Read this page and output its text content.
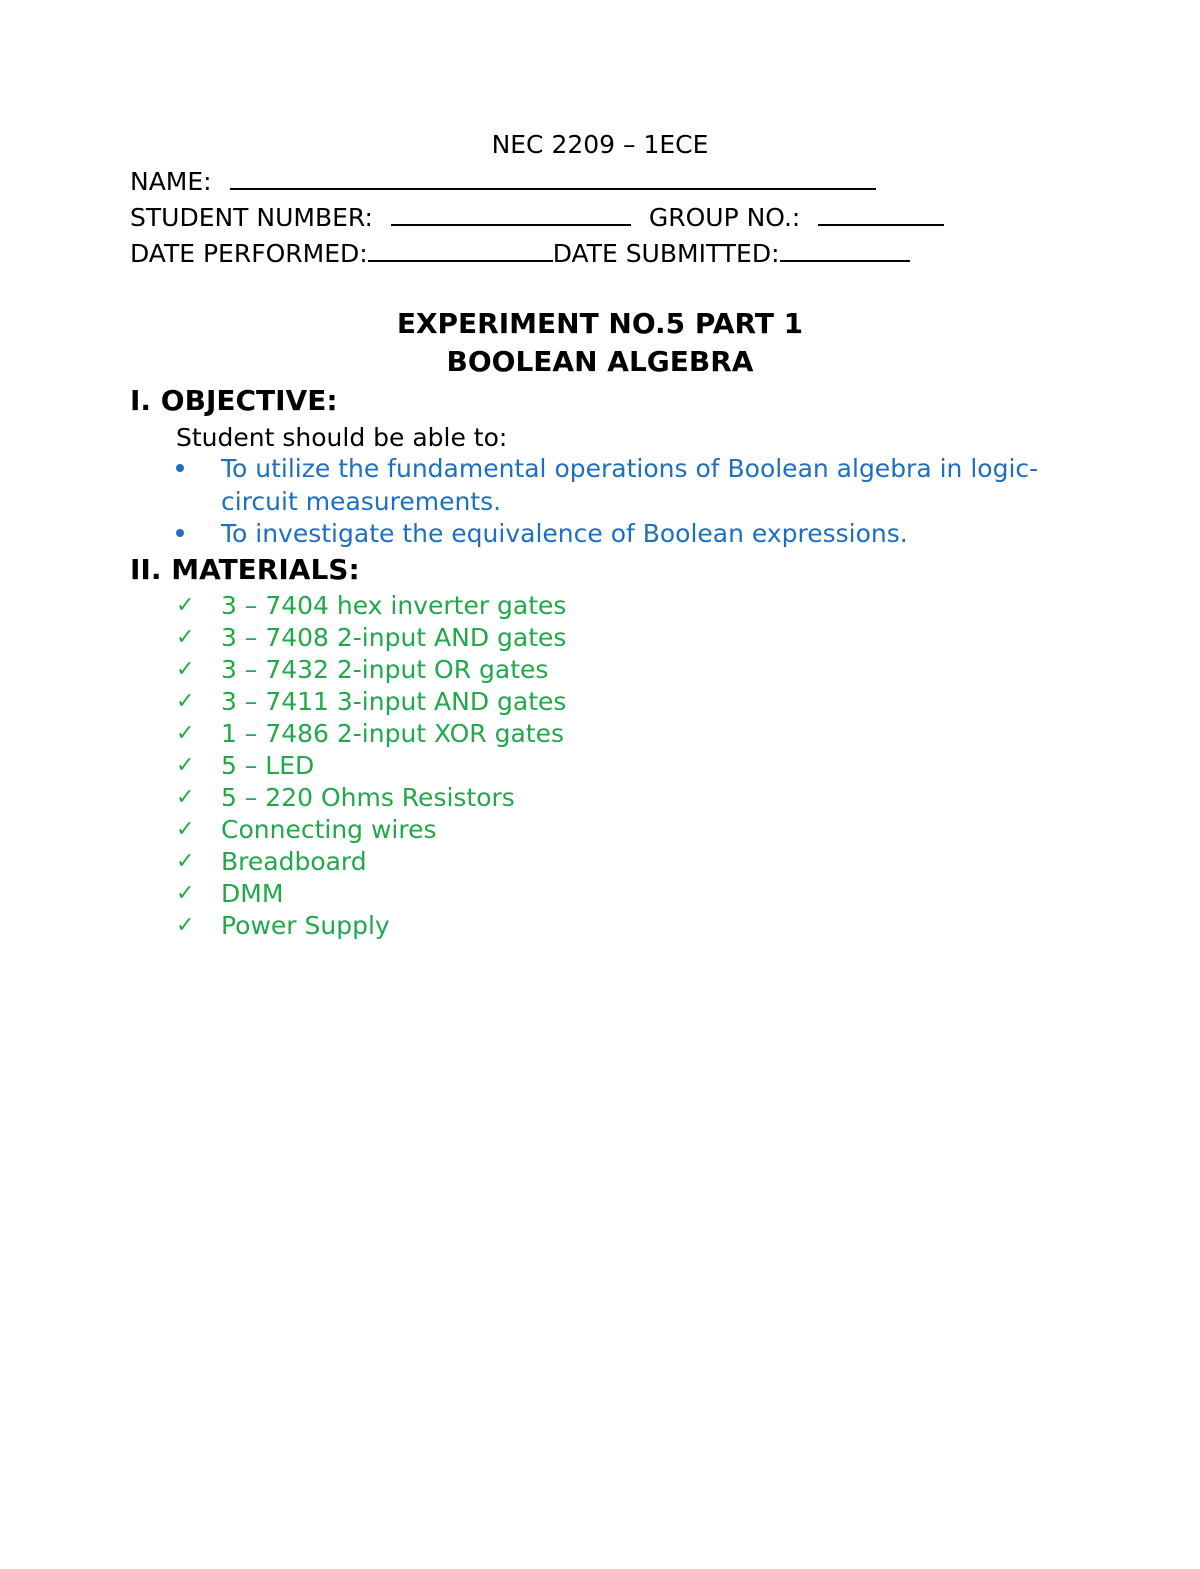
NEC 2209 – 1ECE
NAME:
STUDENT NUMBER:	GROUP NO.:
DATE PERFORMED:	DATE SUBMITTED:
EXPERIMENT NO.5 PART 1
BOOLEAN ALGEBRA
I. OBJECTIVE:
Student should be able to:
To utilize the fundamental operations of Boolean algebra in logic-
circuit measurements.
To investigate the equivalence of Boolean expressions.
II. MATERIALS:
✓ 3 – 7404 hex inverter gates
✓ 3 – 7408 2-input AND gates
✓ 3 – 7432 2-input OR gates
✓ 3 – 7411 3-input AND gates
✓ 1 – 7486 2-input XOR gates
✓ 5 – LED
✓ 5 – 220 Ohms Resistors
✓ Connecting wires
✓ Breadboard
✓ DMM
✓ Power Supply
